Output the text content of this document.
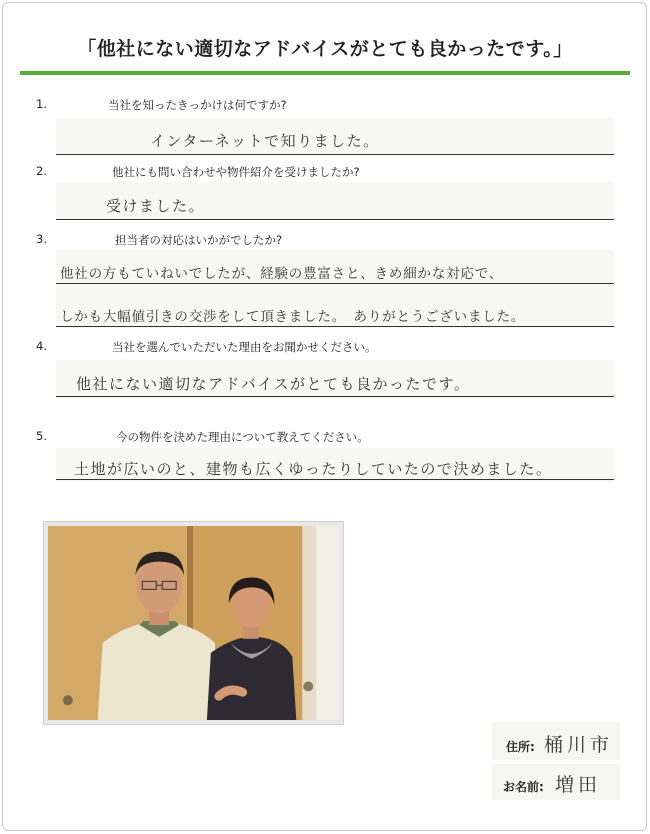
「他社にない適切なアドバイスがとても良かったです。」
1.	当社を知ったきっかけは何ですか?
インターネットで知りました。
2.	他社にも問い合わせや物件紹介を受けましたか?
受けました。
3.	担当者の対応はいかがでしたか?
他社の方もていねいでしたが、経験の豊富さと、きめ細かな対応で、
しかも大幅値引きの交渉をして頂きました。　ありがとうございました。
4.	当社を選んでいただいた理由をお聞かせください。
他社にない適切なアドバイスがとても良かったです。
5.	今の物件を決めた理由について教えてください。
土地が広いのと、建物も広くゆったりしていたので決めました。
住所: 桶川市
お名前: 増田
